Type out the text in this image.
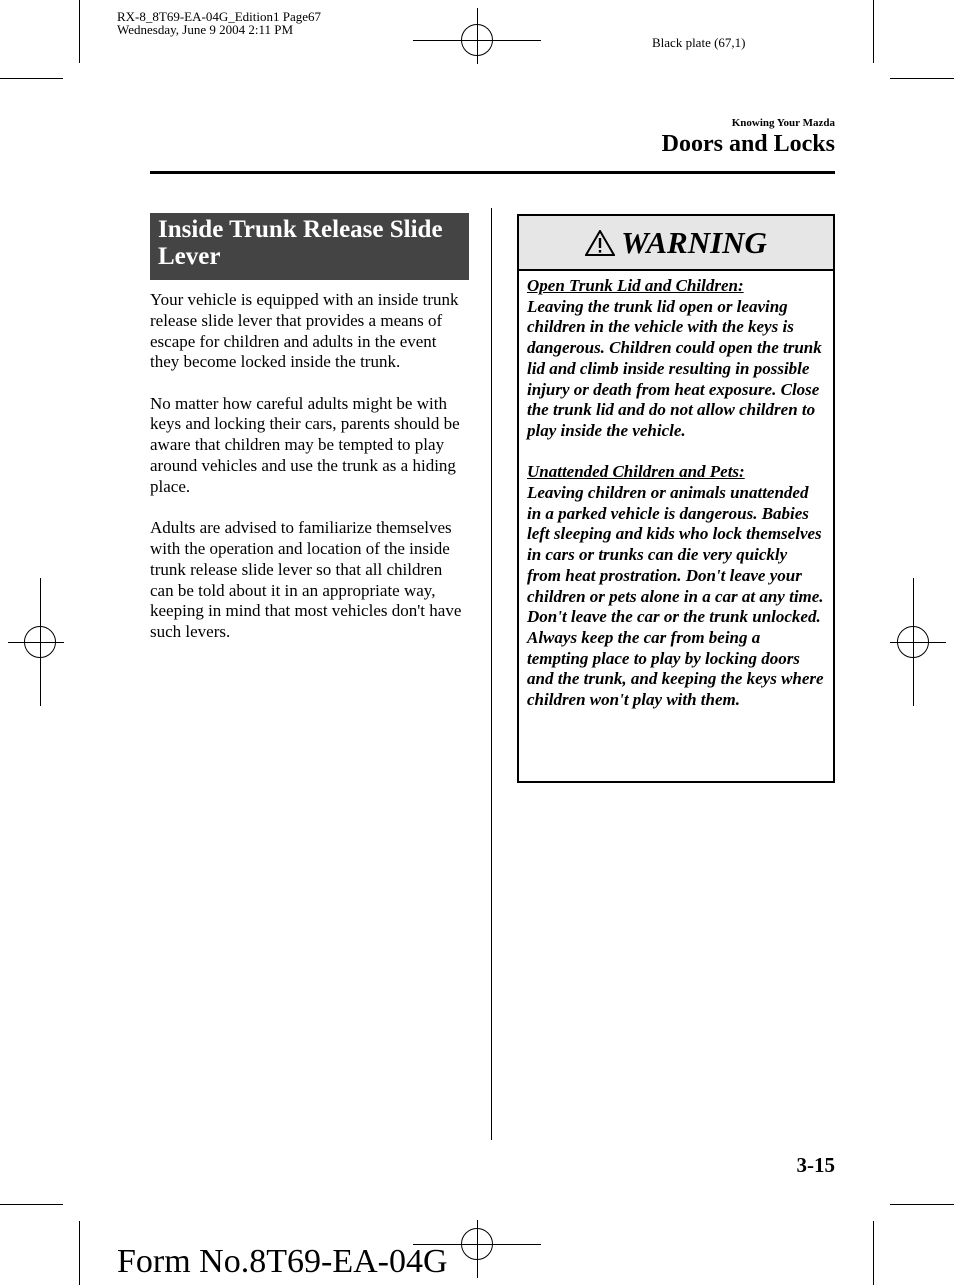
RX-8_8T69-EA-04G_Edition1 Page67
Wednesday, June 9 2004 2:11 PM
Black plate (67,1)
Knowing Your Mazda
Doors and Locks
Inside Trunk Release Slide Lever

Your vehicle is equipped with an inside trunk release slide lever that provides a means of escape for children and adults in the event they become locked inside the trunk.

No matter how careful adults might be with keys and locking their cars, parents should be aware that children may be tempted to play around vehicles and use the trunk as a hiding place.

Adults are advised to familiarize themselves with the operation and location of the inside trunk release slide lever so that all children can be told about it in an appropriate way, keeping in mind that most vehicles don't have such levers.

WARNING
Open Trunk Lid and Children:
Leaving the trunk lid open or leaving children in the vehicle with the keys is dangerous. Children could open the trunk lid and climb inside resulting in possible injury or death from heat exposure. Close the trunk lid and do not allow children to play inside the vehicle.
Unattended Children and Pets:
Leaving children or animals unattended in a parked vehicle is dangerous. Babies left sleeping and kids who lock themselves in cars or trunks can die very quickly from heat prostration. Don't leave your children or pets alone in a car at any time. Don't leave the car or the trunk unlocked. Always keep the car from being a tempting place to play by locking doors and the trunk, and keeping the keys where children won't play with them.
3-15
Form No.8T69-EA-04G
